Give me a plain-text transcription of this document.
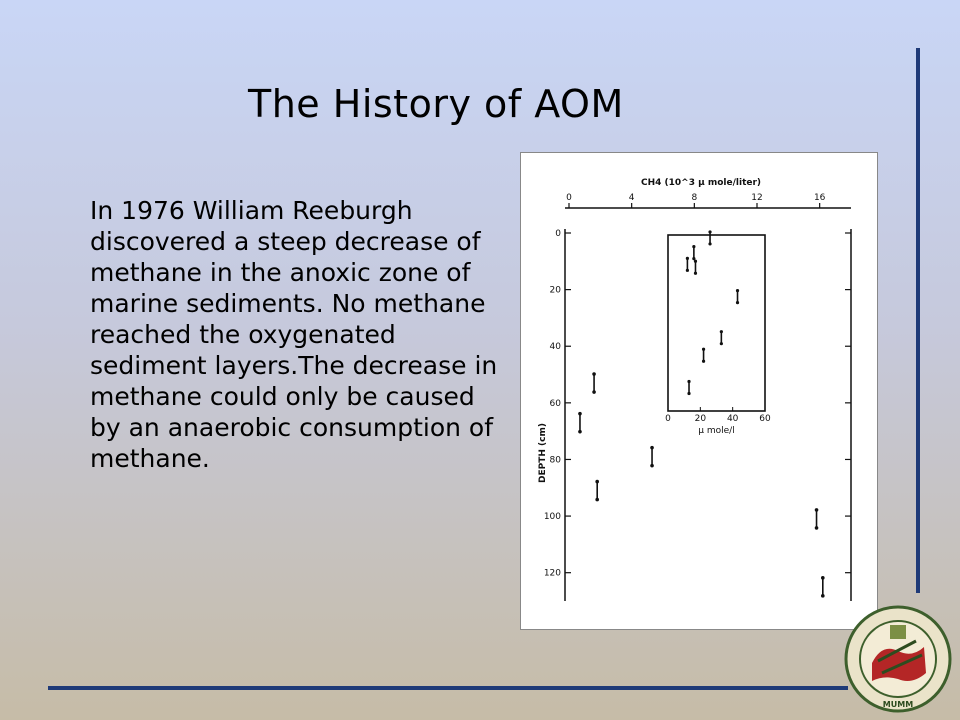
The History of AOM

In 1976 William Reeburgh discovered a steep decrease of methane in the anoxic zone of marine sediments. No methane reached the oxygenated sediment layers.The decrease in methane could only be caused by an anaerobic consumption of methane.

CH4 (10^3 μ mole/liter)
0	4	8	12	16
0
20
40
60
80
100
120
DEPTH (cm)
0	20 40 60
μ mole/l
MUMM
